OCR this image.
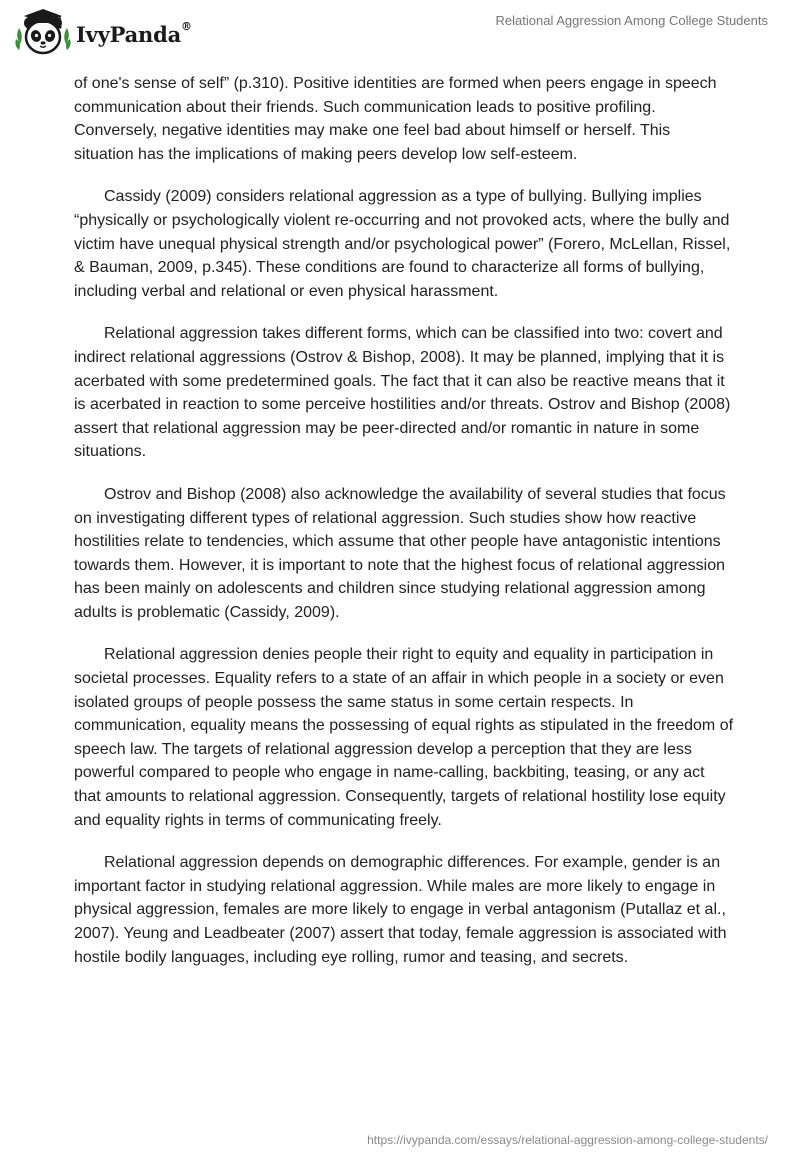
IvyPanda®	Relational Aggression Among College Students

of one's sense of self” (p.310). Positive identities are formed when peers engage in speech communication about their friends. Such communication leads to positive profiling. Conversely, negative identities may make one feel bad about himself or herself. This situation has the implications of making peers develop low self-esteem.

Cassidy (2009) considers relational aggression as a type of bullying. Bullying implies “physically or psychologically violent re-occurring and not provoked acts, where the bully and victim have unequal physical strength and/or psychological power” (Forero, McLellan, Rissel, & Bauman, 2009, p.345). These conditions are found to characterize all forms of bullying, including verbal and relational or even physical harassment.

Relational aggression takes different forms, which can be classified into two: covert and indirect relational aggressions (Ostrov & Bishop, 2008). It may be planned, implying that it is acerbated with some predetermined goals. The fact that it can also be reactive means that it is acerbated in reaction to some perceive hostilities and/or threats. Ostrov and Bishop (2008) assert that relational aggression may be peer-directed and/or romantic in nature in some situations.

Ostrov and Bishop (2008) also acknowledge the availability of several studies that focus on investigating different types of relational aggression. Such studies show how reactive hostilities relate to tendencies, which assume that other people have antagonistic intentions towards them. However, it is important to note that the highest focus of relational aggression has been mainly on adolescents and children since studying relational aggression among adults is problematic (Cassidy, 2009).

Relational aggression denies people their right to equity and equality in participation in societal processes. Equality refers to a state of an affair in which people in a society or even isolated groups of people possess the same status in some certain respects. In communication, equality means the possessing of equal rights as stipulated in the freedom of speech law. The targets of relational aggression develop a perception that they are less powerful compared to people who engage in name-calling, backbiting, teasing, or any act that amounts to relational aggression. Consequently, targets of relational hostility lose equity and equality rights in terms of communicating freely.

Relational aggression depends on demographic differences. For example, gender is an important factor in studying relational aggression. While males are more likely to engage in physical aggression, females are more likely to engage in verbal antagonism (Putallaz et al., 2007). Yeung and Leadbeater (2007) assert that today, female aggression is associated with hostile bodily languages, including eye rolling, rumor and teasing, and secrets.

https://ivypanda.com/essays/relational-aggression-among-college-students/
